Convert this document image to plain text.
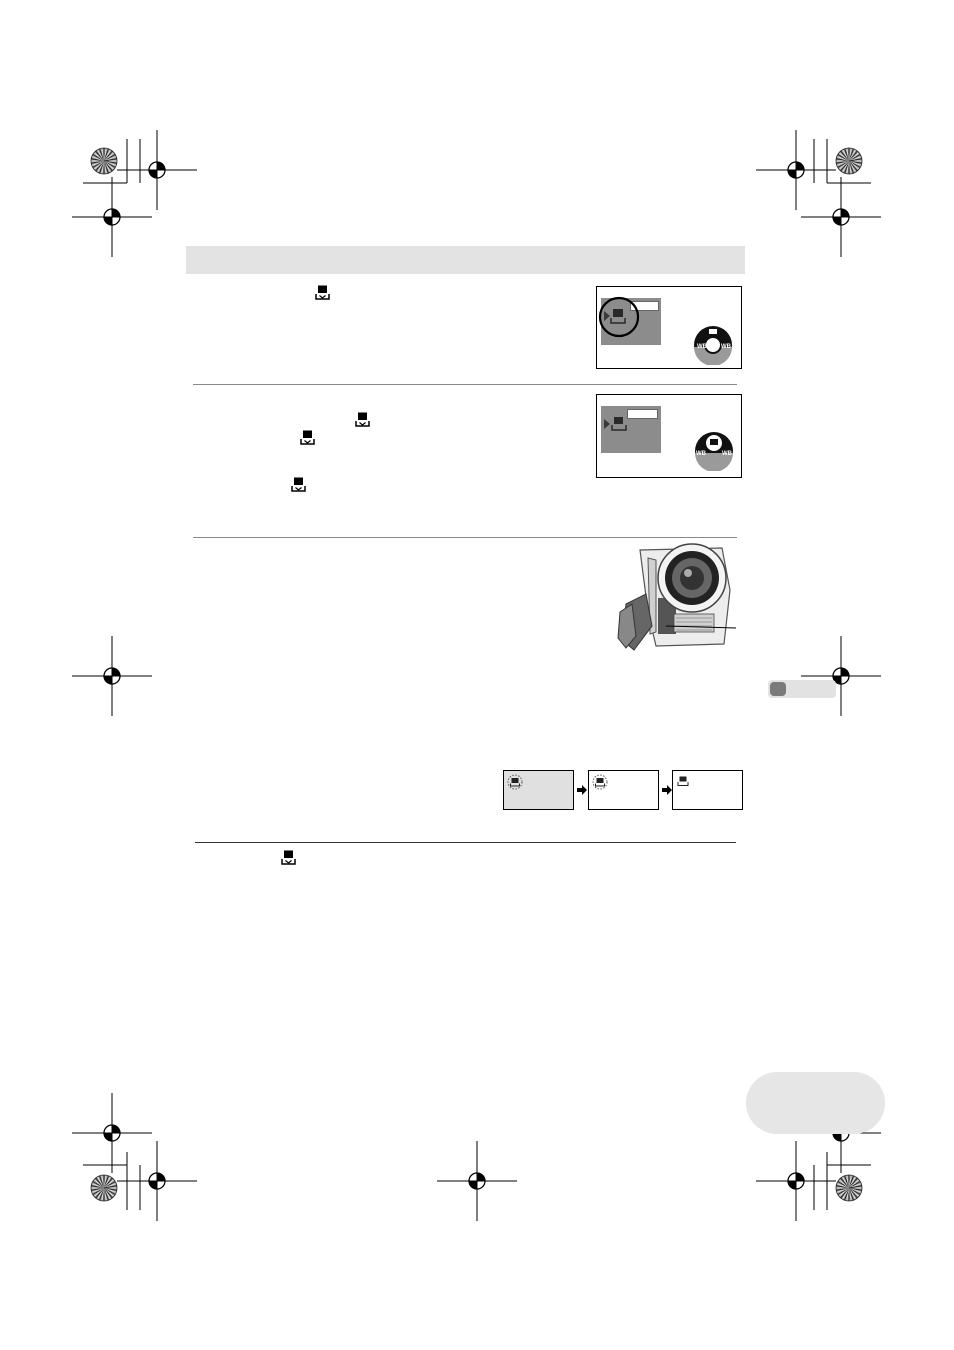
WB WB
WB	WB
